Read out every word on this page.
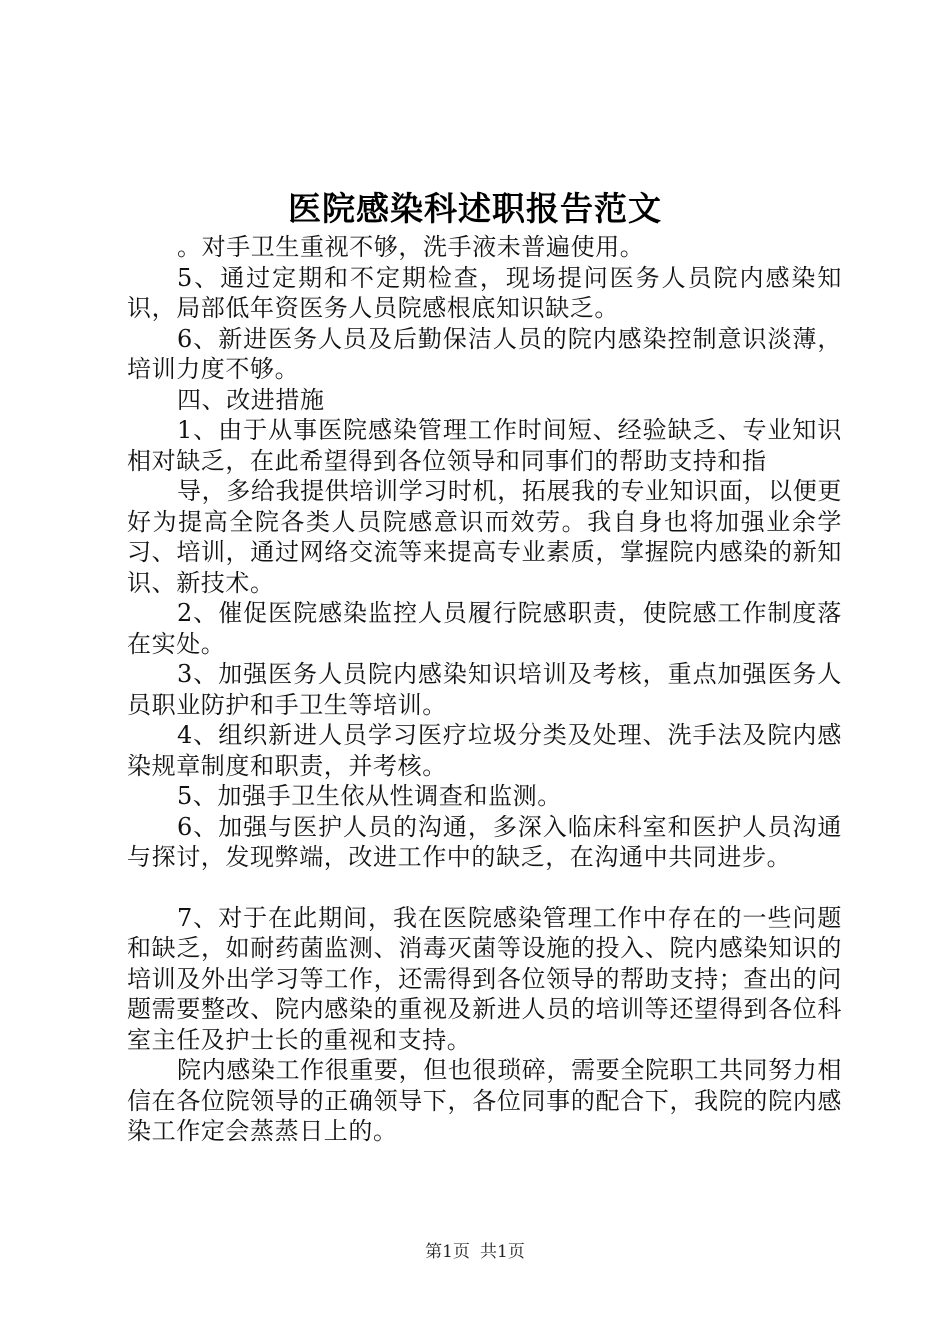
医院感染科述职报告范文

。对手卫生重视不够，洗手液未普遍使用。

5、通过定期和不定期检查，现场提问医务人员院内感染知识，局部低年资医务人员院感根底知识缺乏。

6、新进医务人员及后勤保洁人员的院内感染控制意识淡薄，培训力度不够。

四、改进措施

1、由于从事医院感染管理工作时间短、经验缺乏、专业知识相对缺乏，在此希望得到各位领导和同事们的帮助支持和指

导，多给我提供培训学习时机，拓展我的专业知识面，以便更好为提高全院各类人员院感意识而效劳。我自身也将加强业余学习、培训，通过网络交流等来提高专业素质，掌握院内感染的新知识、新技术。

2、催促医院感染监控人员履行院感职责，使院感工作制度落在实处。

3、加强医务人员院内感染知识培训及考核，重点加强医务人员职业防护和手卫生等培训。

4、组织新进人员学习医疗垃圾分类及处理、洗手法及院内感染规章制度和职责，并考核。

5、加强手卫生依从性调查和监测。

6、加强与医护人员的沟通，多深入临床科室和医护人员沟通与探讨，发现弊端，改进工作中的缺乏，在沟通中共同进步。

7、对于在此期间，我在医院感染管理工作中存在的一些问题和缺乏，如耐药菌监测、消毒灭菌等设施的投入、院内感染知识的培训及外出学习等工作，还需得到各位领导的帮助支持；查出的问题需要整改、院内感染的重视及新进人员的培训等还望得到各位科室主任及护士长的重视和支持。

院内感染工作很重要，但也很琐碎，需要全院职工共同努力相信在各位院领导的正确领导下，各位同事的配合下，我院的院内感染工作定会蒸蒸日上的。

第1页 共1页
